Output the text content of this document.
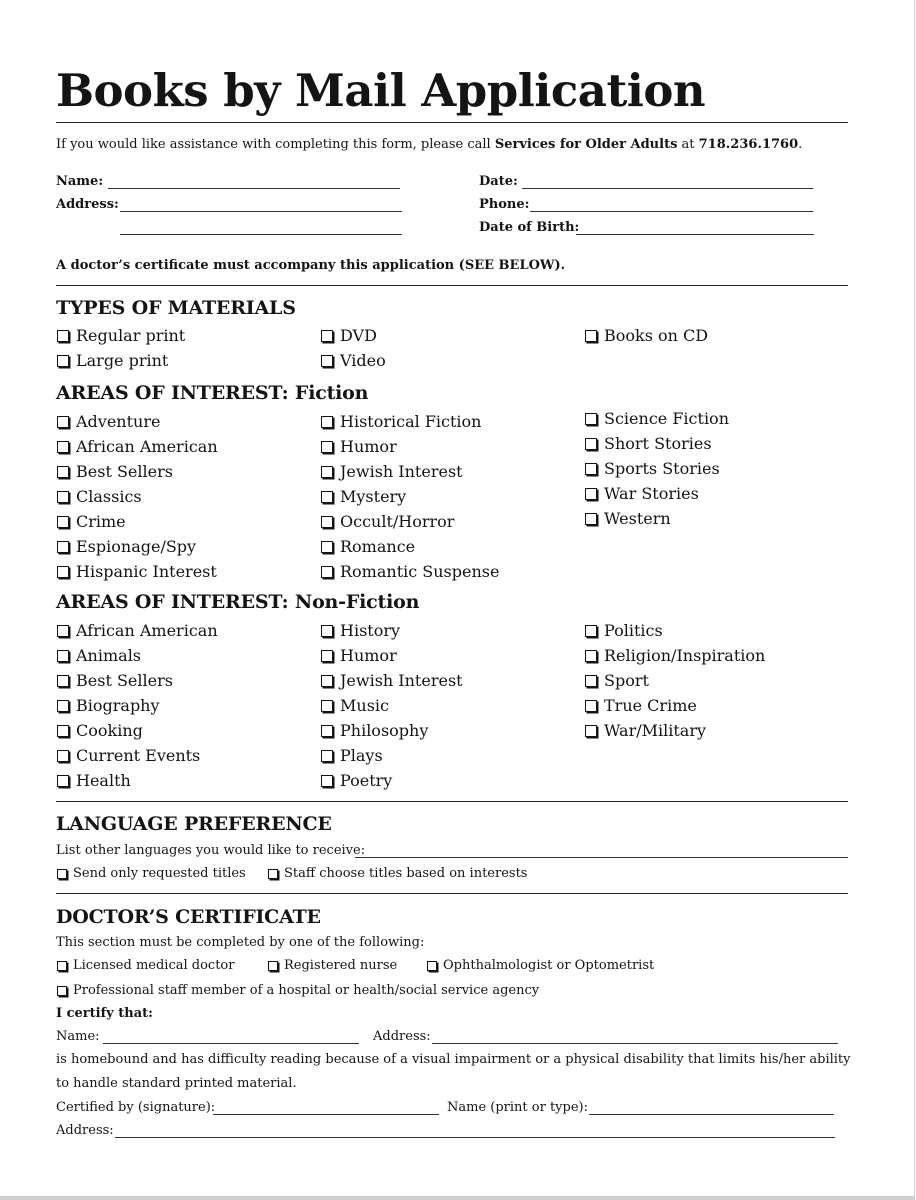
Books by Mail Application
If you would like assistance with completing this form, please call Services for Older Adults at 718.236.1760.
Name:
Address:
Date:
Phone:
Date of Birth:
A doctor’s certificate must accompany this application (SEE BELOW).
TYPES OF MATERIALS
Regular print
Large print
DVD
Video
Books on CD
AREAS OF INTEREST: Fiction
Adventure
African American
Best Sellers
Classics
Crime
Espionage/Spy
Hispanic Interest
Historical Fiction
Humor
Jewish Interest
Mystery
Occult/Horror
Romance
Romantic Suspense
Science Fiction
Short Stories
Sports Stories
War Stories
Western
AREAS OF INTEREST: Non-Fiction
African American
Animals
Best Sellers
Biography
Cooking
Current Events
Health
History
Humor
Jewish Interest
Music
Philosophy
Plays
Poetry
Politics
Religion/Inspiration
Sport
True Crime
War/Military
LANGUAGE PREFERENCE
List other languages you would like to receive:
Send only requested titles	Staff choose titles based on interests
DOCTOR’S CERTIFICATE
This section must be completed by one of the following:
Licensed medical doctor	Registered nurse	Ophthalmologist or Optometrist
Professional staff member of a hospital or health/social service agency
I certify that:
Name:	Address:
is homebound and has difficulty reading because of a visual impairment or a physical disability that limits his/her ability
to handle standard printed material.
Certified by (signature):	Name (print or type):
Address:
